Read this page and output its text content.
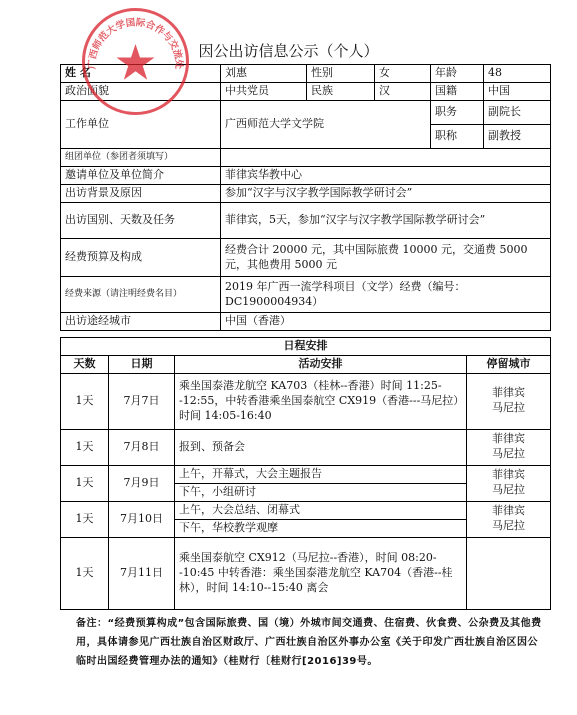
因公出访信息公示（个人）
姓 名	刘惠	性别	女	年龄	48
政治面貌	中共党员	民族	汉	国籍	中国
工作单位	广西师范大学文学院			职务	副院长
				职称	副教授
组团单位（参团者须填写）					
邀请单位及单位简介	菲律宾华教中心				
出访背景及原因	参加“汉字与汉字教学国际教学研讨会”				
出访国别、天数及任务	菲律宾，5天，参加“汉字与汉字教学国际教学研讨会”				
经费预算及构成	经费合计 20000 元，其中国际旅费 10000 元，交通费 5000 元，其他费用 5000 元				
经费来源（请注明经费名目）	2019 年广西一流学科项目（文学）经费（编号：DC1900004934）				
出访途经城市	中国（香港）				
日程安排			
天数	日期	活动安排	停留城市
1天	7月7日	乘坐国泰港龙航空 KA703（桂林--香港）时间 11:25--12:55，中转香港乘坐国泰航空 CX919（香港---马尼拉）时间 14:05-16:40	菲律宾
马尼拉
1天	7月8日	报到、预备会	菲律宾
马尼拉
1天	7月9日	上午，开幕式，大会主题报告	菲律宾
马尼拉
		下午，小组研讨	
1天	7月10日	上午，大会总结、闭幕式	菲律宾
马尼拉
		下午，华校教学观摩	
1天	7月11日	乘坐国泰航空 CX912（马尼拉--香港），时间 08:20--10:45 中转香港：乘坐国泰港龙航空 KA704（香港--桂林），时间 14:10--15:40 离会	
备注：“经费预算构成”包含国际旅费、国（境）外城市间交通费、住宿费、伙食费、公杂费及其他费用，具体请参见广西壮族自治区财政厅、广西壮族自治区外事办公室《关于印发广西壮族自治区因公临时出国经费管理办法的通知》（桂财行〔桂财行[2016]39号。
广西师范大学国际合作与交流处
